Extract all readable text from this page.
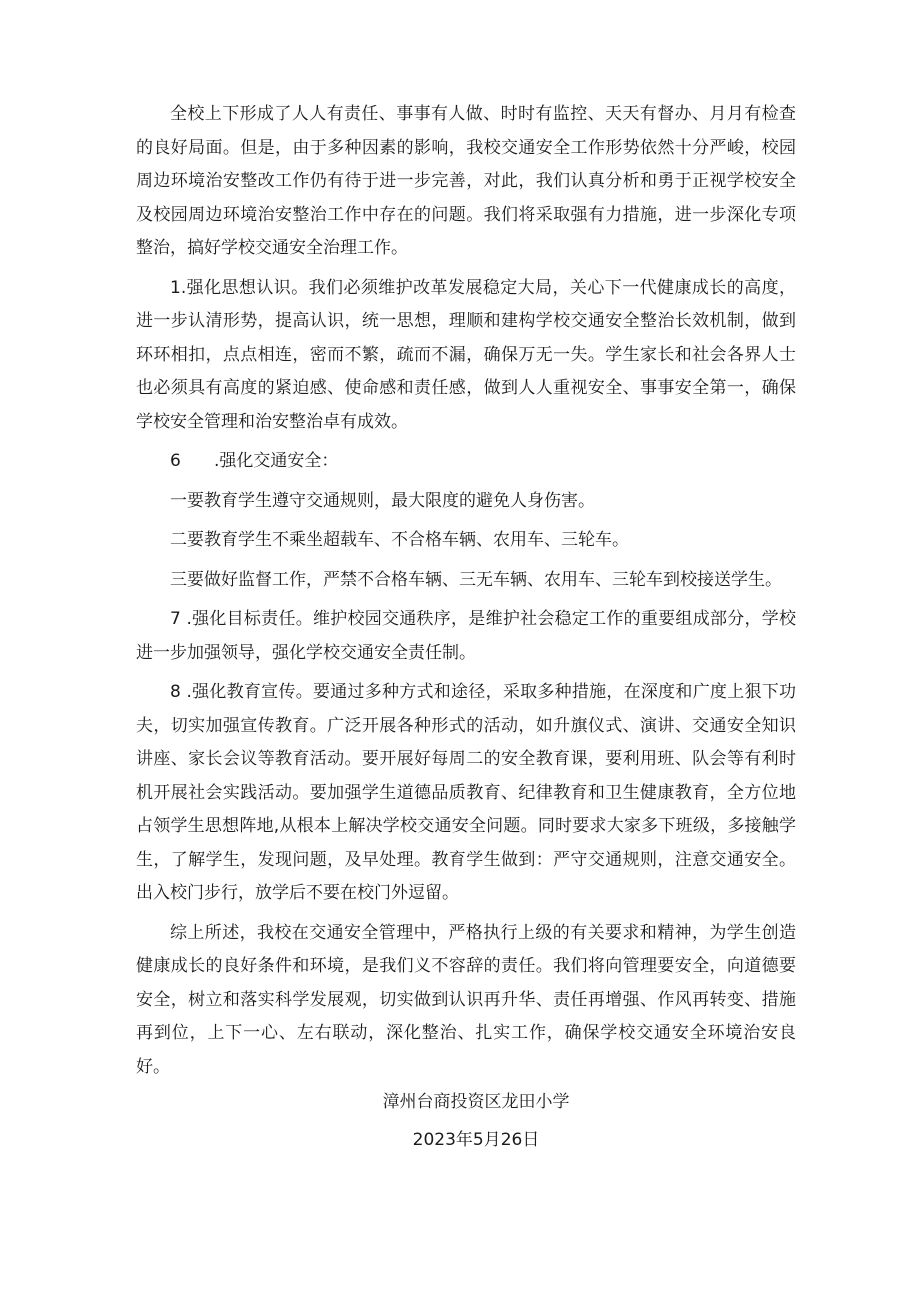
全校上下形成了人人有责任、事事有人做、时时有监控、天天有督办、月月有检查的良好局面。但是，由于多种因素的影响，我校交通安全工作形势依然十分严峻，校园周边环境治安整改工作仍有待于进一步完善，对此，我们认真分析和勇于正视学校安全及校园周边环境治安整治工作中存在的问题。我们将采取强有力措施，进一步深化专项整治，搞好学校交通安全治理工作。

1.强化思想认识。我们必须维护改革发展稳定大局，关心下一代健康成长的高度，进一步认清形势，提高认识，统一思想，理顺和建构学校交通安全整治长效机制，做到环环相扣，点点相连，密而不繁，疏而不漏，确保万无一失。学生家长和社会各界人士也必须具有高度的紧迫感、使命感和责任感，做到人人重视安全、事事安全第一，确保学校安全管理和治安整治卓有成效。

6 .强化交通安全：

一要教育学生遵守交通规则，最大限度的避免人身伤害。

二要教育学生不乘坐超载车、不合格车辆、农用车、三轮车。

三要做好监督工作，严禁不合格车辆、三无车辆、农用车、三轮车到校接送学生。

7 .强化目标责任。维护校园交通秩序，是维护社会稳定工作的重要组成部分，学校进一步加强领导，强化学校交通安全责任制。

8 .强化教育宣传。要通过多种方式和途径，采取多种措施，在深度和广度上狠下功夫，切实加强宣传教育。广泛开展各种形式的活动，如升旗仪式、演讲、交通安全知识讲座、家长会议等教育活动。要开展好每周二的安全教育课，要利用班、队会等有利时机开展社会实践活动。要加强学生道德品质教育、纪律教育和卫生健康教育，全方位地占领学生思想阵地,从根本上解决学校交通安全问题。同时要求大家多下班级，多接触学生，了解学生，发现问题，及早处理。教育学生做到：严守交通规则，注意交通安全。出入校门步行，放学后不要在校门外逗留。

综上所述，我校在交通安全管理中，严格执行上级的有关要求和精神，为学生创造健康成长的良好条件和环境，是我们义不容辞的责任。我们将向管理要安全，向道德要安全，树立和落实科学发展观，切实做到认识再升华、责任再增强、作风再转变、措施再到位，上下一心、左右联动，深化整治、扎实工作，确保学校交通安全环境治安良好。

漳州台商投资区龙田小学

2023年5月26日
